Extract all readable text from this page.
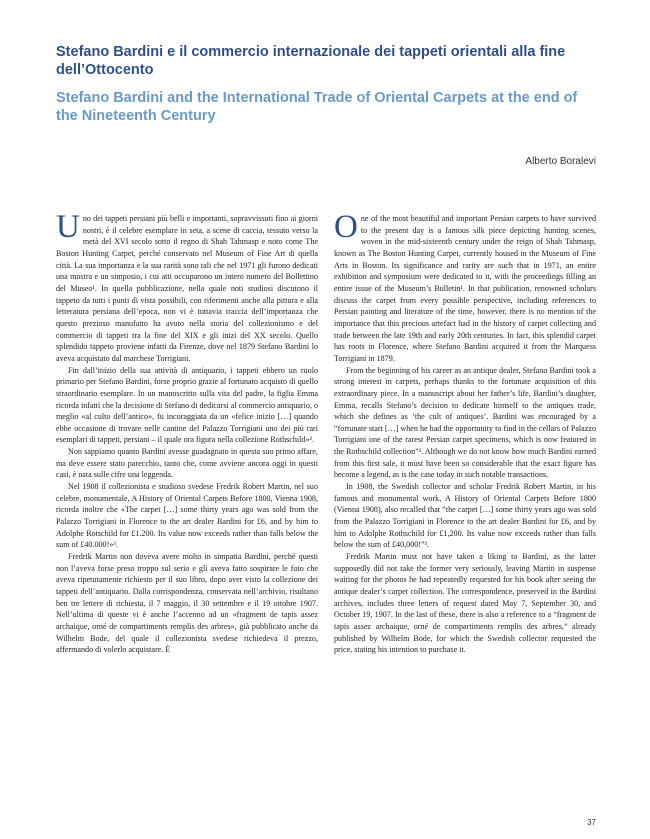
Stefano Bardini e il commercio internazionale dei tappeti orientali alla fine dell’Ottocento
Stefano Bardini and the International Trade of Oriental Carpets at the end of the Nineteenth Century
Alberto Boralevi

Uno dei tappeti persiani più belli e importanti, sopravvissuti fino ai giorni nostri, è il celebre esemplare in seta, a scene di caccia, tessuto verso la metà del XVI secolo sotto il regno di Shah Tahmasp e noto come The Boston Hunting Carpet, perché conservato nel Museum of Fine Art di quella città. La sua importanza e la sua rarità sono tali che nel 1971 gli furono dedicati una mostra e un simposio, i cui atti occuparono un intero numero del Bollettino del Museo¹. In quella pubblicazione, nella quale noti studiosi discutono il tappeto da tutti i punti di vista possibili, con riferimenti anche alla pittura e alla letteratura persiana dell’epoca, non vi è tuttavia traccia dell’importanza che questo prezioso manufatto ha avuto nella storia del collezionismo e del commercio di tappeti tra la fine del XIX e gli inizi del XX secolo. Quello splendido tappeto proviene infatti da Firenze, dove nel 1879 Stefano Bardini lo aveva acquistato dal marchese Torrigiani.

Fin dall’inizio della sua attività di antiquario, i tappeti ebbero un ruolo primario per Stefano Bardini, forse proprio grazie al fortunato acquisto di quello straordinario esemplare. In un manoscritto sulla vita del padre, la figlia Emma ricorda infatti che la decisione di Stefano di dedicarsi al commercio antiquario, o meglio «al culto dell’antico», fu incoraggiata da un «felice inizio […] quando ebbe occasione di trovare nelle cantine del Palazzo Torrigiani uno dei più rari esemplari di tappeti, persiani – il quale ora figura nella collezione Rothschild»².

Non sappiamo quanto Bardini avesse guadagnato in questa suo primo affare, ma deve essere stato parecchio, tanto che, come avviene ancora oggi in questi casi, è nata sulle cifre una leggenda.

Nel 1908 il collezionista e studioso svedese Fredrik Robert Martin, nel suo celebre, monumentale, A History of Oriental Carpets Before 1800, Vienna 1908, ricorda inoltre che «The carpet […] some thirty years ago was sold from the Palazzo Torrigiani in Florence to the art dealer Bardini for £6, and by him to Adolphe Rotschild for £1.200. Its value now exceeds rather than falls below the sum of £40.000!»³.

Fredrik Martin non doveva avere molto in simpatia Bardini, perché questi non l’aveva forse preso troppo sul serio e gli aveva fatto sospirare le foto che aveva ripetutamente richiesto per il suo libro, dopo aver visto la collezione dei tappeti dell’antiquario. Dalla corrispondenza, conservata nell’archivio, risultano ben tre lettere di richiesta, il 7 maggio, il 30 settembre e il 19 ottobre 1907. Nell’ultima di queste vi è anche l’accenno ad un «fragment de tapis assez archaique, orné de compartiments remplis des arbres», già pubblicato anche da Wilhelm Bode, del quale il collezionista svedese richiedeva il prezzo, affermando di volerlo acquistare. È

One of the most beautiful and important Persian carpets to have survived to the present day is a famous silk piece depicting hunting scenes, woven in the mid-sixteenth century under the reign of Shah Tahmasp, known as The Boston Hunting Carpet, currently housed in the Museum of Fine Arts in Boston. Its significance and rarity are such that in 1971, an entire exhibition and symposium were dedicated to it, with the proceedings filling an entire issue of the Museum’s Bulletin¹. In that publication, renowned scholars discuss the carpet from every possible perspective, including references to Persian painting and literature of the time, however, there is no mention of the importance that this precious artefact had in the history of carpet collecting and trade between the late 19th and early 20th centuries. In fact, this splendid carpet has roots in Florence, where Stefano Bardini acquired it from the Marquess Torrigiani in 1879.

From the beginning of his career as an antique dealer, Stefano Bardini took a strong interest in carpets, perhaps thanks to the fortunate acquisition of this extraordinary piece. In a manuscript about her father’s life, Bardini’s daughter, Emma, recalls Stefano’s decision to dedicate himself to the antiques trade, which she defines as ‘the cult of antiques’. Bardini was encouraged by a “fortunate start […] when he had the opportunity to find in the cellars of Palazzo Torrigiani one of the rarest Persian carpet specimens, which is now featured in the Rothschild collection”². Although we do not know how much Bardini earned from this first sale, it must have been so considerable that the exact figure has become a legend, as is the case today in such notable transactions.

In 1908, the Swedish collector and scholar Fredrik Robert Martin, in his famous and monumental work, A History of Oriental Carpets Before 1800 (Vienna 1908), also recalled that “the carpet […] some thirty years ago was sold from the Palazzo Torrigiani in Florence to the art dealer Bardini for £6, and by him to Adolphe Rothschild for £1,200. Its value now exceeds rather than falls below the sum of £40,000!”³.

Fredrik Martin must not have taken a liking to Bardini, as the latter supposedly did not take the former very seriously, leaving Martin in suspense waiting for the photos he had repeatedly requested for his book after seeing the antique dealer’s carpet collection. The correspondence, preserved in the Bardini archives, includes three letters of request dated May 7, September 30, and October 19, 1907. In the last of these, there is also a reference to a “fragment de tapis assez archaique, orné de compartiments remplis des arbres,” already published by Wilhelm Bode, for which the Swedish collector requested the price, stating his intention to purchase it.

37
